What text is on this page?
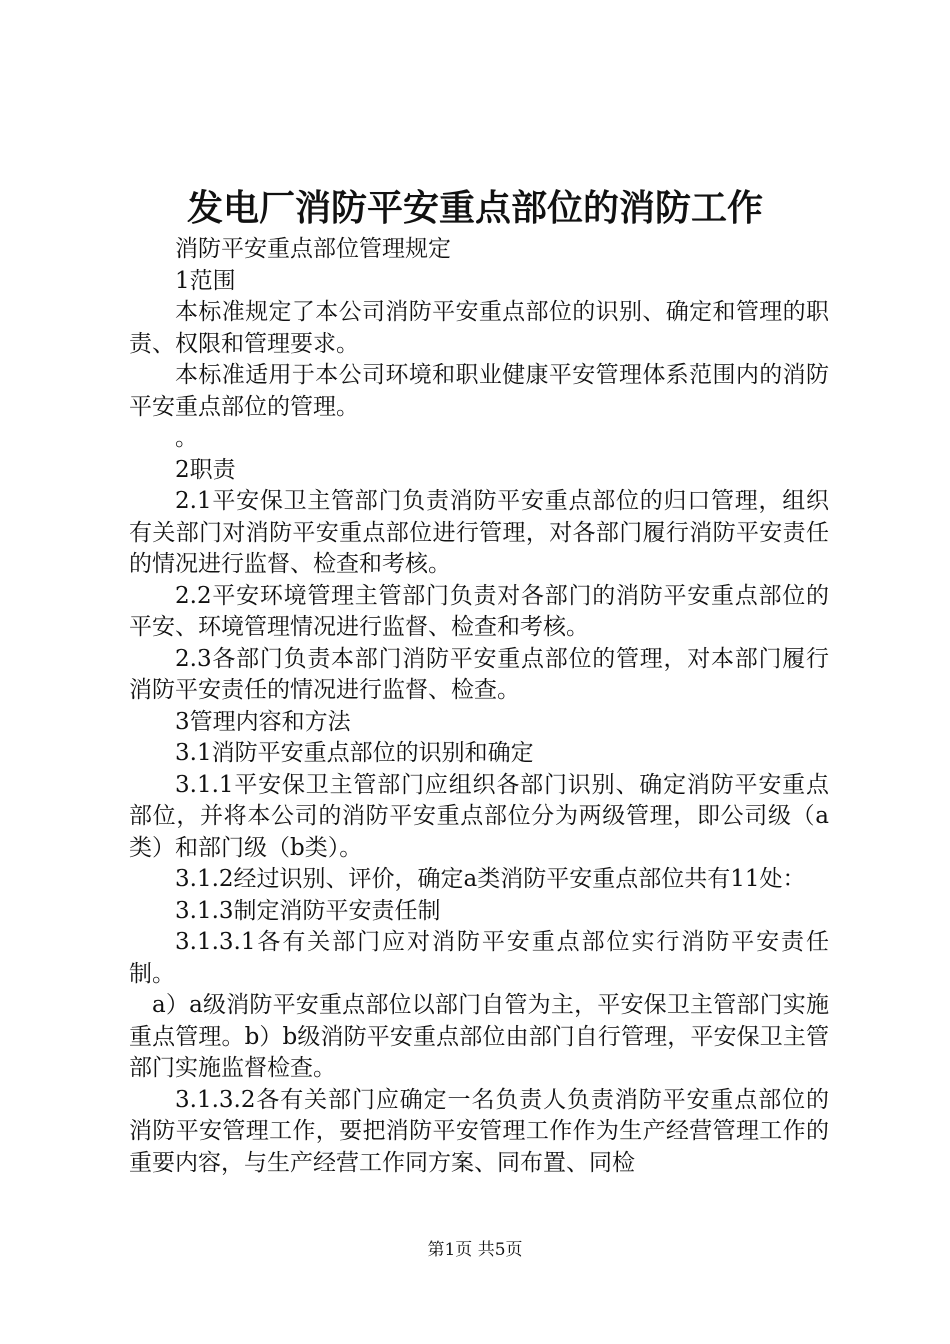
发电厂消防平安重点部位的消防工作

消防平安重点部位管理规定

1范围

本标准规定了本公司消防平安重点部位的识别、确定和管理的职责、权限和管理要求。

本标准适用于本公司环境和职业健康平安管理体系范围内的消防平安重点部位的管理。

。

2职责

2.1平安保卫主管部门负责消防平安重点部位的归口管理，组织有关部门对消防平安重点部位进行管理，对各部门履行消防平安责任的情况进行监督、检查和考核。

2.2平安环境管理主管部门负责对各部门的消防平安重点部位的平安、环境管理情况进行监督、检查和考核。

2.3各部门负责本部门消防平安重点部位的管理，对本部门履行消防平安责任的情况进行监督、检查。

3管理内容和方法

3.1消防平安重点部位的识别和确定

3.1.1平安保卫主管部门应组织各部门识别、确定消防平安重点部位，并将本公司的消防平安重点部位分为两级管理，即公司级（a类）和部门级（b类）。

3.1.2经过识别、评价，确定a类消防平安重点部位共有11处：

3.1.3制定消防平安责任制

3.1.3.1各有关部门应对消防平安重点部位实行消防平安责任制。

a）a级消防平安重点部位以部门自管为主，平安保卫主管部门实施重点管理。b）b级消防平安重点部位由部门自行管理，平安保卫主管部门实施监督检查。

3.1.3.2各有关部门应确定一名负责人负责消防平安重点部位的消防平安管理工作，要把消防平安管理工作作为生产经营管理工作的重要内容，与生产经营工作同方案、同布置、同检

第1页 共5页
